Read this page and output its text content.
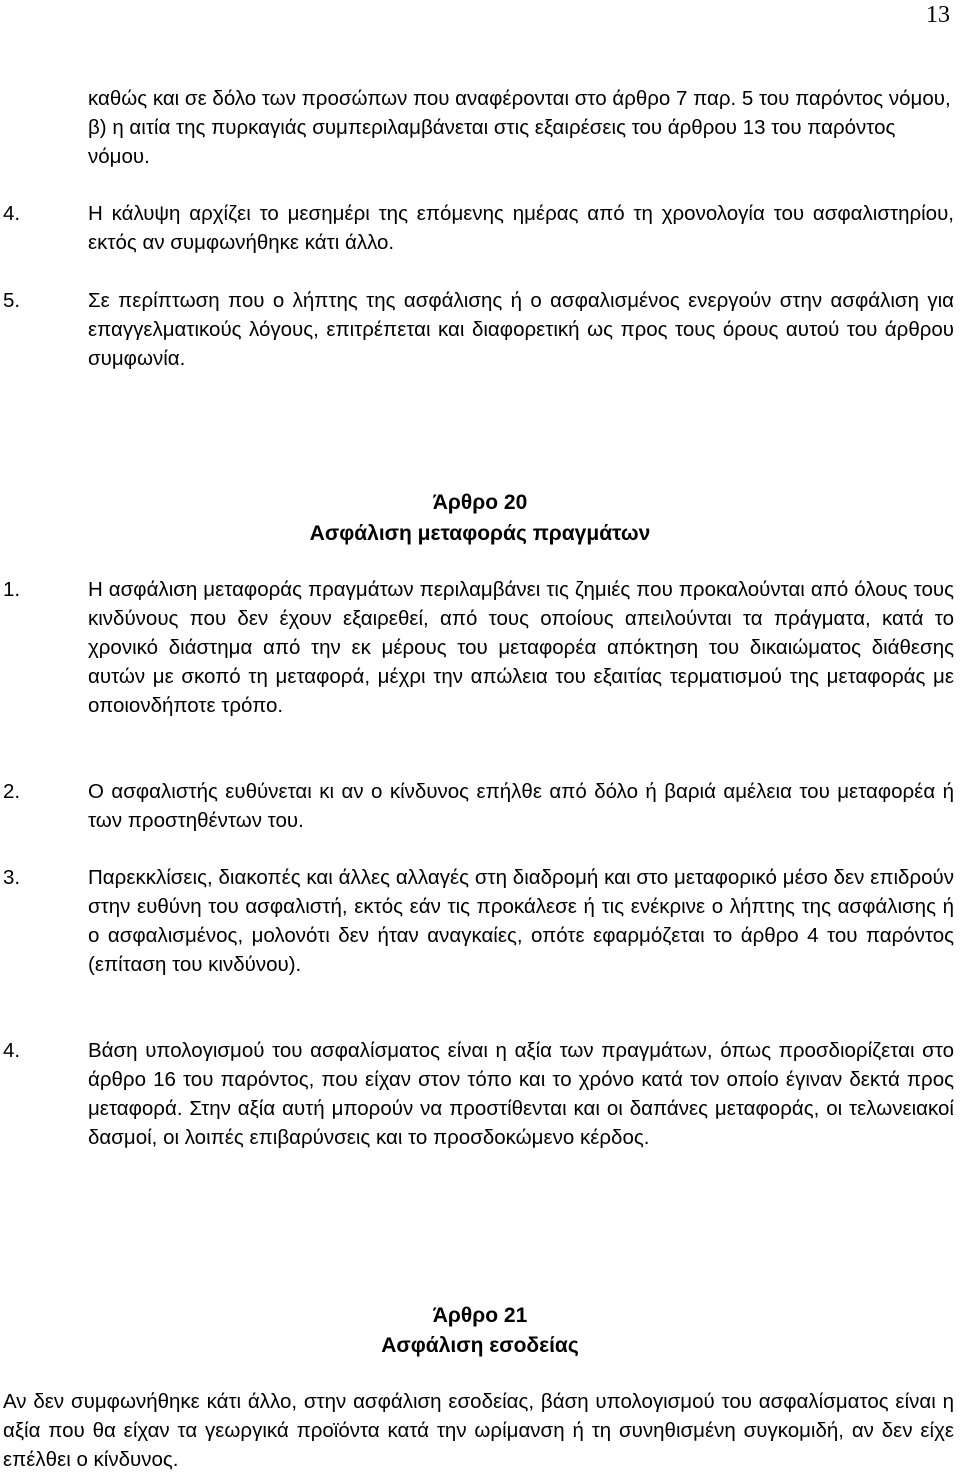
13
καθώς και σε δόλο των προσώπων που αναφέρονται στο άρθρο 7 παρ. 5 του παρόντος νόμου, β) η αιτία της πυρκαγιάς συμπεριλαμβάνεται στις εξαιρέσεις του άρθρου 13 του παρόντος νόμου.
4.	Η κάλυψη αρχίζει το μεσημέρι της επόμενης ημέρας από τη χρονολογία του ασφαλιστηρίου, εκτός αν συμφωνήθηκε κάτι άλλο.
5.	Σε περίπτωση που ο λήπτης της ασφάλισης ή ο ασφαλισμένος ενεργούν στην ασφάλιση για επαγγελματικούς λόγους, επιτρέπεται και διαφορετική ως προς τους όρους αυτού του άρθρου συμφωνία.
Άρθρο 20
Ασφάλιση μεταφοράς πραγμάτων
1.	Η ασφάλιση μεταφοράς πραγμάτων περιλαμβάνει τις ζημιές που προκαλούνται από όλους τους κινδύνους που δεν έχουν εξαιρεθεί, από τους οποίους απειλούνται τα πράγματα, κατά το χρονικό διάστημα από την εκ μέρους του μεταφορέα απόκτηση του δικαιώματος διάθεσης αυτών με σκοπό τη μεταφορά, μέχρι την απώλεια του εξαιτίας τερματισμού της μεταφοράς με οποιονδήποτε τρόπο.
2.	Ο ασφαλιστής ευθύνεται κι αν ο κίνδυνος επήλθε από δόλο ή βαριά αμέλεια του μεταφορέα ή των προστηθέντων του.
3.	Παρεκκλίσεις, διακοπές και άλλες αλλαγές στη διαδρομή και στο μεταφορικό μέσο δεν επιδρούν στην ευθύνη του ασφαλιστή, εκτός εάν τις προκάλεσε ή τις ενέκρινε ο λήπτης της ασφάλισης ή ο ασφαλισμένος, μολονότι δεν ήταν αναγκαίες, οπότε εφαρμόζεται το άρθρο 4 του παρόντος (επίταση του κινδύνου).
4.	Βάση υπολογισμού του ασφαλίσματος είναι η αξία των πραγμάτων, όπως προσδιορίζεται στο άρθρο 16 του παρόντος, που είχαν στον τόπο και το χρόνο κατά τον οποίο έγιναν δεκτά προς μεταφορά. Στην αξία αυτή μπορούν να προστίθενται και οι δαπάνες μεταφοράς, οι τελωνειακοί δασμοί, οι λοιπές επιβαρύνσεις και το προσδοκώμενο κέρδος.
Άρθρο 21
Ασφάλιση εσοδείας
Αν δεν συμφωνήθηκε κάτι άλλο, στην ασφάλιση εσοδείας, βάση υπολογισμού του ασφαλίσματος είναι η αξία που θα είχαν τα γεωργικά προϊόντα κατά την ωρίμανση ή τη συνηθισμένη συγκομιδή, αν δεν είχε επέλθει ο κίνδυνος.
